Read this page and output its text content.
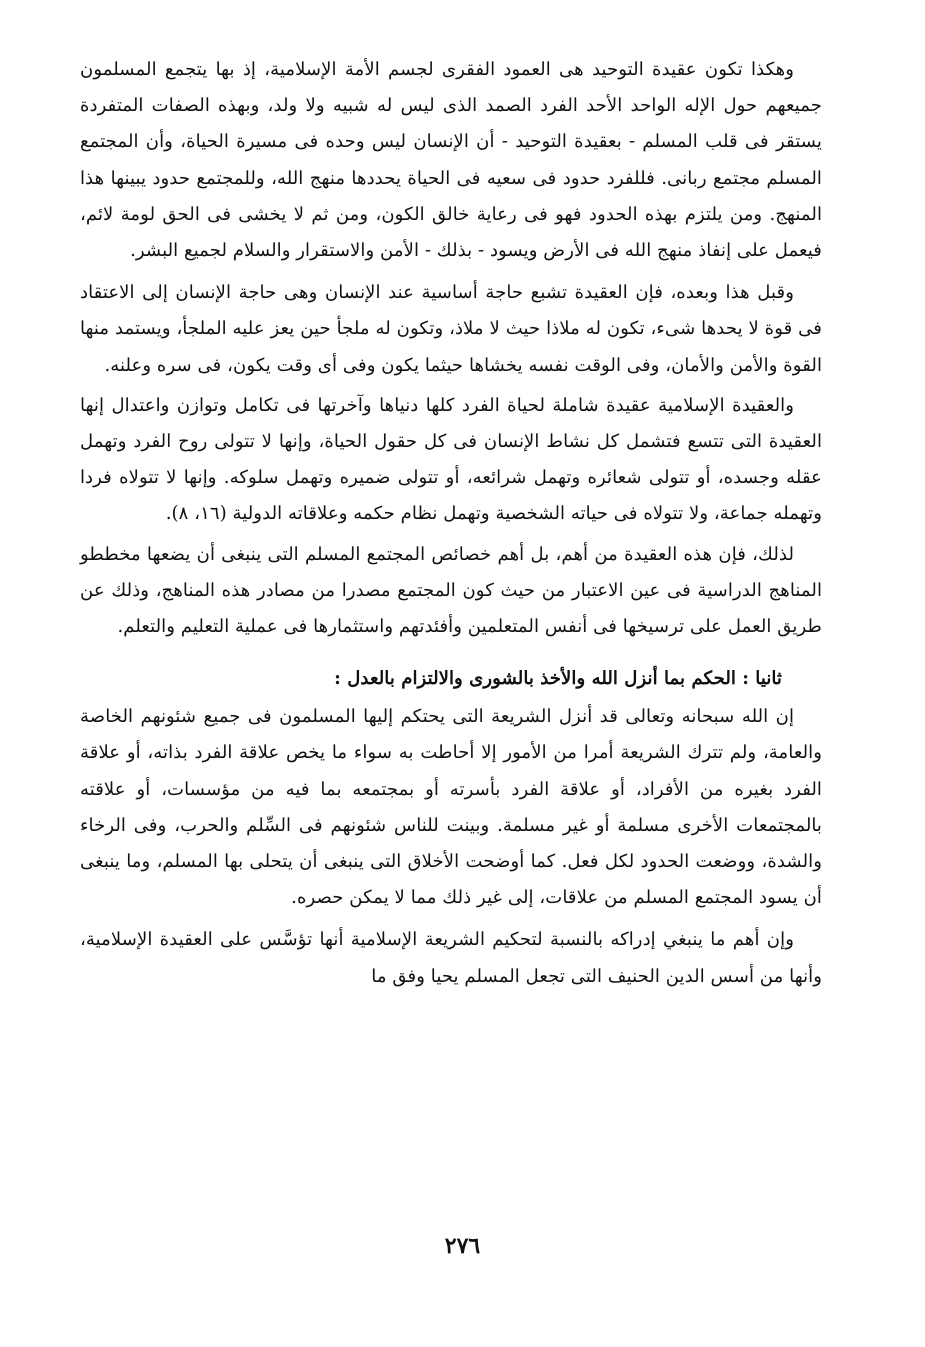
وهكذا تكون عقيدة التوحيد هى العمود الفقرى لجسم الأمة الإسلامية، إذ بها يتجمع المسلمون جميعهم حول الإله الواحد الأحد الفرد الصمد الذى ليس له شبيه ولا ولد، وبهذه الصفات المتفردة يستقر فى قلب المسلم - بعقيدة التوحيد - أن الإنسان ليس وحده فى مسيرة الحياة، وأن المجتمع المسلم مجتمع ربانى. فللفرد حدود فى سعيه فى الحياة يحددها منهج الله، وللمجتمع حدود يبينها هذا المنهج. ومن يلتزم بهذه الحدود فهو فى رعاية خالق الكون، ومن ثم لا يخشى فى الحق لومة لائم، فيعمل على إنفاذ منهج الله فى الأرض ويسود - بذلك - الأمن والاستقرار والسلام لجميع البشر.

وقبل هذا وبعده، فإن العقيدة تشبع حاجة أساسية عند الإنسان وهى حاجة الإنسان إلى الاعتقاد فى قوة لا يحدها شىء، تكون له ملاذا حيث لا ملاذ، وتكون له ملجأ حين يعز عليه الملجأ، ويستمد منها القوة والأمن والأمان، وفى الوقت نفسه يخشاها حيثما يكون وفى أى وقت يكون، فى سره وعلنه.

والعقيدة الإسلامية عقيدة شاملة لحياة الفرد كلها دنياها وآخرتها فى تكامل وتوازن واعتدال إنها العقيدة التى تتسع فتشمل كل نشاط الإنسان فى كل حقول الحياة، وإنها لا تتولى روح الفرد وتهمل عقله وجسده، أو تتولى شعائره وتهمل شرائعه، أو تتولى ضميره وتهمل سلوكه. وإنها لا تتولاه فردا وتهمله جماعة، ولا تتولاه فى حياته الشخصية وتهمل نظام حكمه وعلاقاته الدولية (١٦، ٨).

لذلك، فإن هذه العقيدة من أهم، بل أهم خصائص المجتمع المسلم التى ينبغى أن يضعها مخططو المناهج الدراسية فى عين الاعتبار من حيث كون المجتمع مصدرا من مصادر هذه المناهج، وذلك عن طريق العمل على ترسيخها فى أنفس المتعلمين وأفئدتهم واستثمارها فى عملية التعليم والتعلم.

ثانيا : الحكم بما أنزل الله والأخذ بالشورى والالتزام بالعدل :

إن الله سبحانه وتعالى قد أنزل الشريعة التى يحتكم إليها المسلمون فى جميع شئونهم الخاصة والعامة، ولم تترك الشريعة أمرا من الأمور إلا أحاطت به سواء ما يخص علاقة الفرد بذاته، أو علاقة الفرد بغيره من الأفراد، أو علاقة الفرد بأسرته أو بمجتمعه بما فيه من مؤسسات، أو علاقته بالمجتمعات الأخرى مسلمة أو غير مسلمة. وبينت للناس شئونهم فى السِّلم والحرب، وفى الرخاء والشدة، ووضعت الحدود لكل فعل. كما أوضحت الأخلاق التى ينبغى أن يتحلى بها المسلم، وما ينبغى أن يسود المجتمع المسلم من علاقات، إلى غير ذلك مما لا يمكن حصره.

وإن أهم ما ينبغي إدراكه بالنسبة لتحكيم الشريعة الإسلامية أنها تؤسَّس على العقيدة الإسلامية، وأنها من أسس الدين الحنيف التى تجعل المسلم يحيا وفق ما

٢٧٦
